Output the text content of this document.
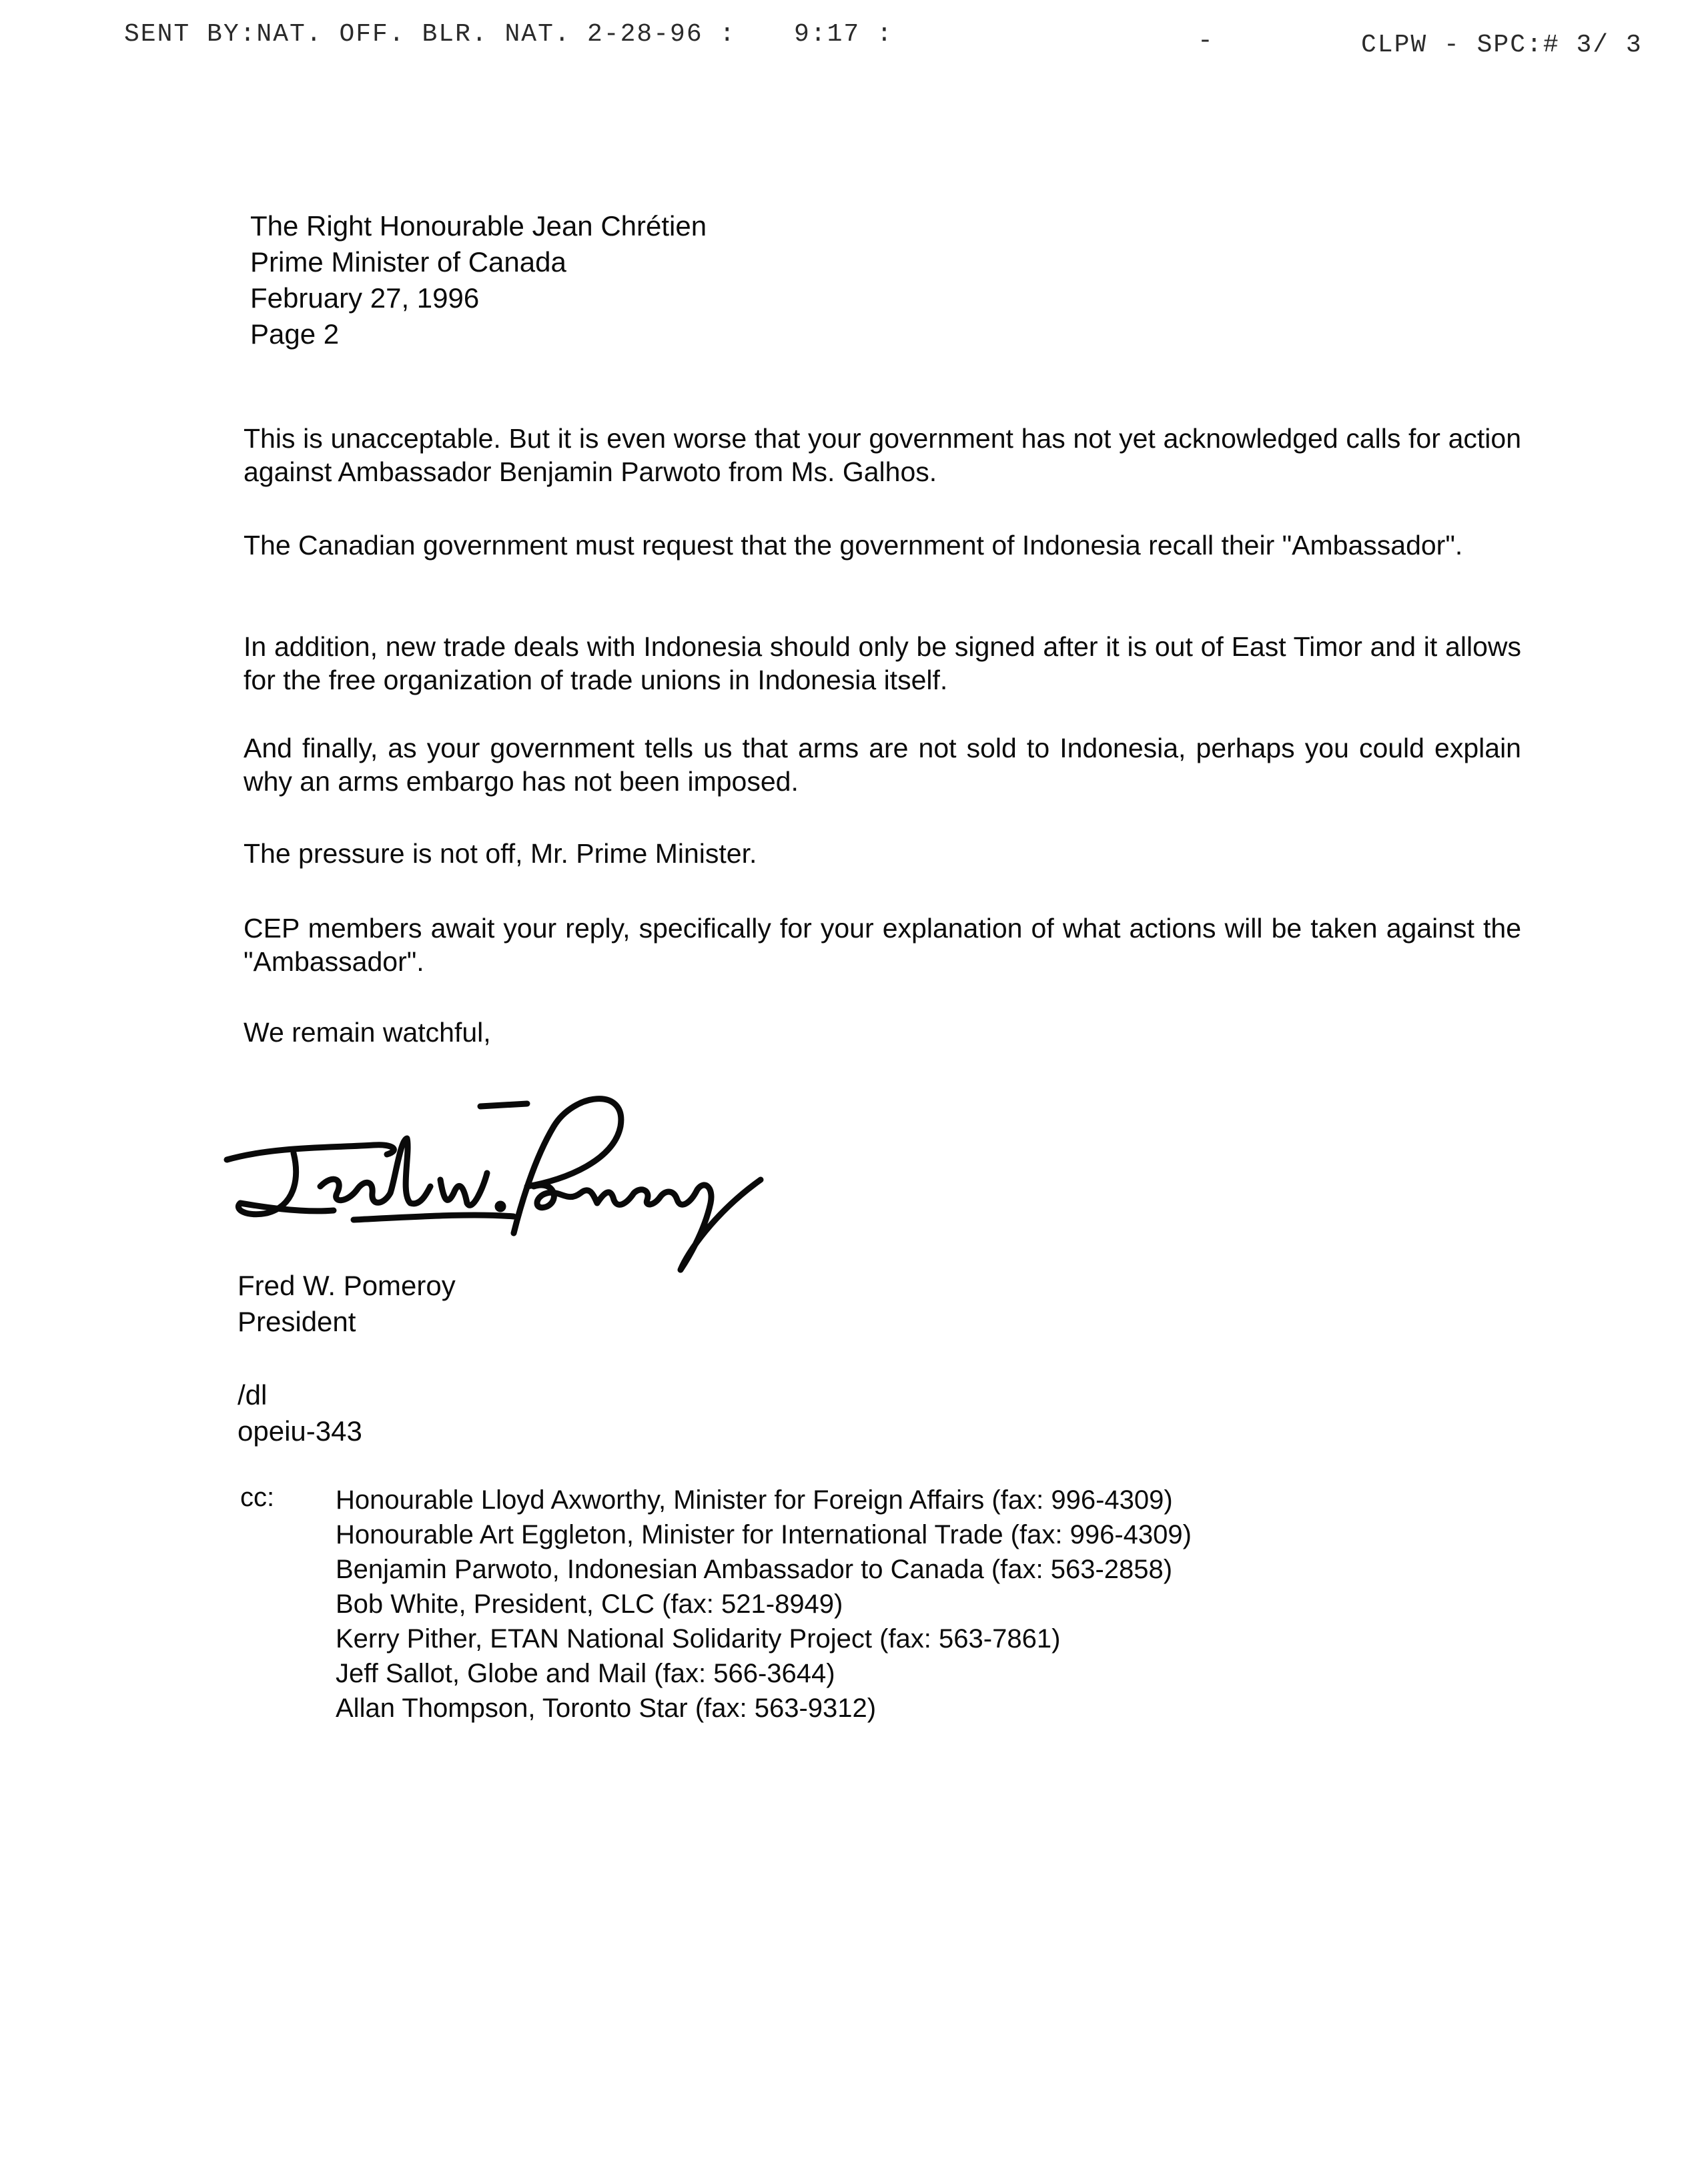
SENT BY:NAT. OFF. BLR. NAT. 2-28-96 : 9:17 :	-	CLPW - SPC:# 3/ 3
The Right Honourable Jean Chrétien
Prime Minister of Canada
February 27, 1996
Page 2

This is unacceptable. But it is even worse that your government has not yet acknowledged calls for action against Ambassador Benjamin Parwoto from Ms. Galhos.

The Canadian government must request that the government of Indonesia recall their "Ambassador".

In addition, new trade deals with Indonesia should only be signed after it is out of East Timor and it allows for the free organization of trade unions in Indonesia itself.

And finally, as your government tells us that arms are not sold to Indonesia, perhaps you could explain why an arms embargo has not been imposed.

The pressure is not off, Mr. Prime Minister.

CEP members await your reply, specifically for your explanation of what actions will be taken against the "Ambassador".

We remain watchful,

Fred W. Pomeroy
President
/dl
opeiu-343
cc: Honourable Lloyd Axworthy, Minister for Foreign Affairs (fax: 996-4309)
Honourable Art Eggleton, Minister for International Trade (fax: 996-4309)
Benjamin Parwoto, Indonesian Ambassador to Canada (fax: 563-2858)
Bob White, President, CLC (fax: 521-8949)
Kerry Pither, ETAN National Solidarity Project (fax: 563-7861)
Jeff Sallot, Globe and Mail (fax: 566-3644)
Allan Thompson, Toronto Star (fax: 563-9312)
